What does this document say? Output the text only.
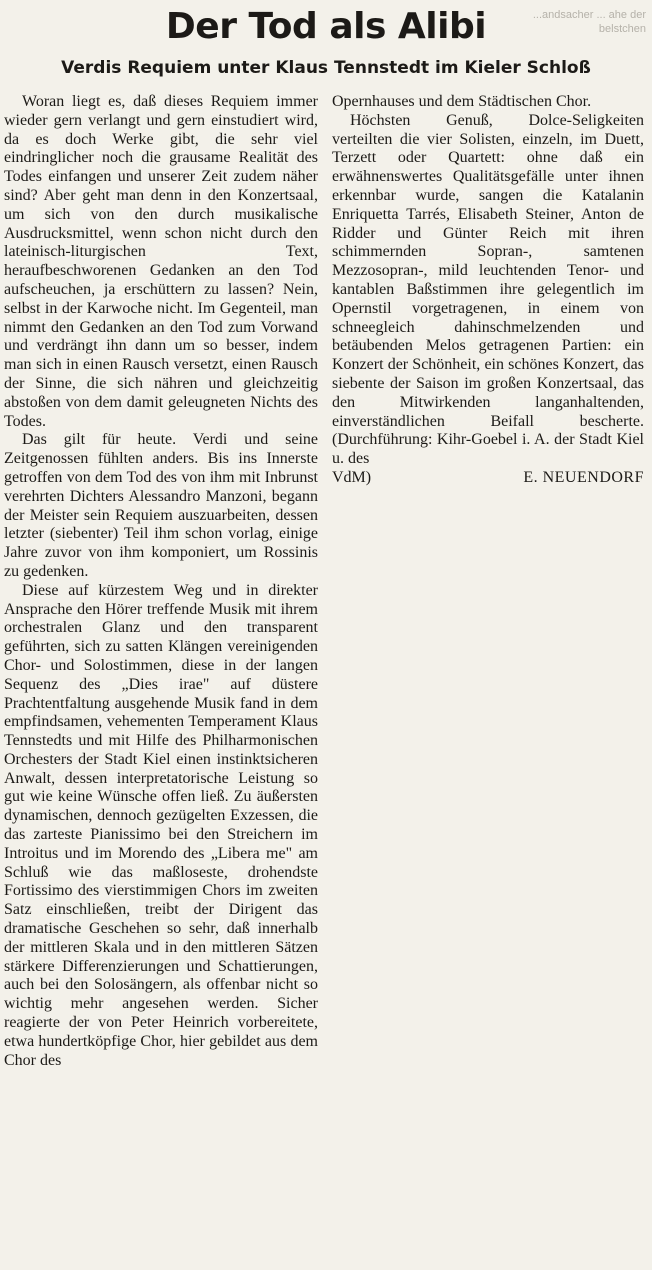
...andsacher ... ahe der belstchen
Der Tod als Alibi
Verdis Requiem unter Klaus Tennstedt im Kieler Schloß

Woran liegt es, daß dieses Requiem immer wieder gern verlangt und gern einstudiert wird, da es doch Werke gibt, die sehr viel eindringlicher noch die grausame Realität des Todes einfangen und unserer Zeit zudem näher sind? Aber geht man denn in den Konzertsaal, um sich von den durch musikalische Ausdrucksmittel, wenn schon nicht durch den lateinisch-liturgischen Text, heraufbeschworenen Gedanken an den Tod aufscheuchen, ja erschüttern zu lassen? Nein, selbst in der Karwoche nicht. Im Gegenteil, man nimmt den Gedanken an den Tod zum Vorwand und verdrängt ihn dann um so besser, indem man sich in einen Rausch versetzt, einen Rausch der Sinne, die sich nähren und gleichzeitig abstoßen von dem damit geleugneten Nichts des Todes.

Das gilt für heute. Verdi und seine Zeitgenossen fühlten anders. Bis ins Innerste getroffen von dem Tod des von ihm mit Inbrunst verehrten Dichters Alessandro Manzoni, begann der Meister sein Requiem auszuarbeiten, dessen letzter (siebenter) Teil ihm schon vorlag, einige Jahre zuvor von ihm komponiert, um Rossinis zu gedenken.

Diese auf kürzestem Weg und in direkter Ansprache den Hörer treffende Musik mit ihrem orchestralen Glanz und den transparent geführten, sich zu satten Klängen vereinigenden Chor- und Solostimmen, diese in der langen Sequenz des „Dies irae" auf düstere Prachtentfaltung ausgehende Musik fand in dem empfindsamen, vehementen Temperament Klaus Tennstedts und mit Hilfe des Philharmonischen Orchesters der Stadt Kiel einen instinktsicheren Anwalt, dessen interpretatorische Leistung so gut wie keine Wünsche offen ließ. Zu äußersten dynamischen, dennoch gezügelten Exzessen, die das zarteste Pianissimo bei den Streichern im Introitus und im Morendo des „Libera me" am Schluß wie das maßloseste, drohendste Fortissimo des vierstimmigen Chors im zweiten Satz einschließen, treibt der Dirigent das dramatische Geschehen so sehr, daß innerhalb der mittleren Skala und in den mittleren Sätzen stärkere Differenzierungen und Schattierungen, auch bei den Solosängern, als offenbar nicht so wichtig mehr angesehen werden. Sicher reagierte der von Peter Heinrich vorbereitete, etwa hundertköpfige Chor, hier gebildet aus dem Chor des

Opernhauses und dem Städtischen Chor.

Höchsten Genuß, Dolce-Seligkeiten verteilten die vier Solisten, einzeln, im Duett, Terzett oder Quartett: ohne daß ein erwähnenswertes Qualitätsgefälle unter ihnen erkennbar wurde, sangen die Katalanin Enriquetta Tarrés, Elisabeth Steiner, Anton de Ridder und Günter Reich mit ihren schimmernden Sopran-, samtenen Mezzosopran-, mild leuchtenden Tenor- und kantablen Baßstimmen ihre gelegentlich im Opernstil vorgetragenen, in einem von schneegleich dahinschmelzenden und betäubenden Melos getragenen Partien: ein Konzert der Schönheit, ein schönes Konzert, das siebente der Saison im großen Konzertsaal, das den Mitwirkenden langanhaltenden, einverständlichen Beifall bescherte. (Durchführung: Kihr-Goebel i. A. der Stadt Kiel u. des

VdM)	E. NEUENDORF
